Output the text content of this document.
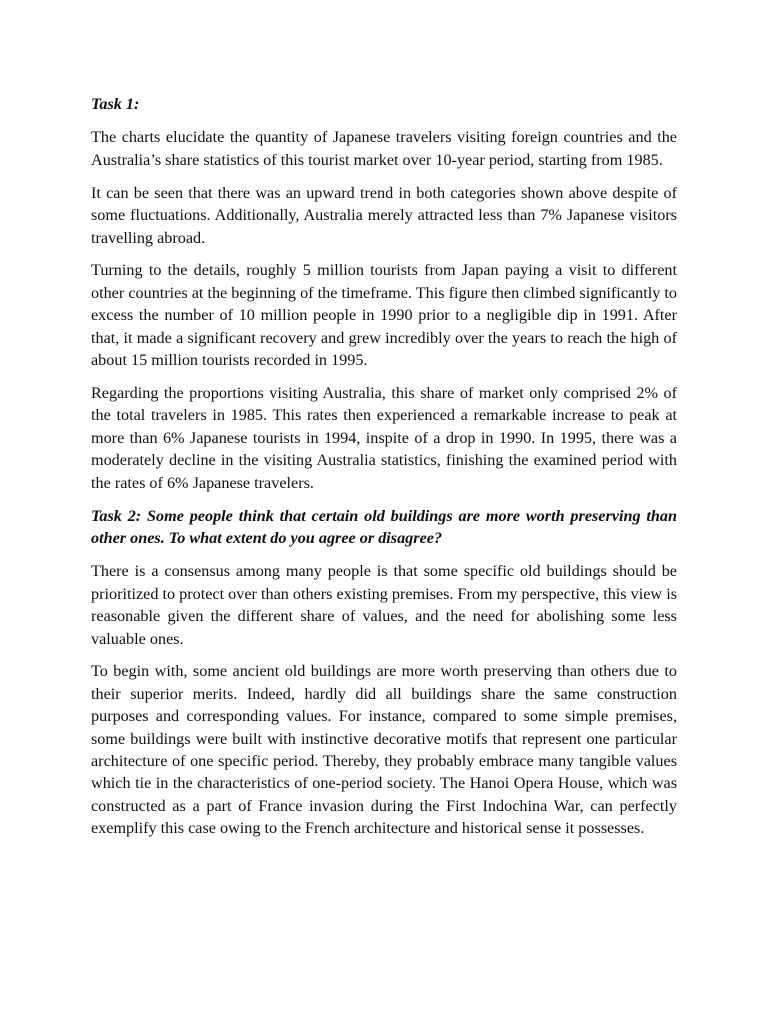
Task 1:

The charts elucidate the quantity of Japanese travelers visiting foreign countries and the Australia’s share statistics of this tourist market over 10-year period, starting from 1985.

It can be seen that there was an upward trend in both categories shown above despite of some fluctuations. Additionally, Australia merely attracted less than 7% Japanese visitors travelling abroad.

Turning to the details, roughly 5 million tourists from Japan paying a visit to different other countries at the beginning of the timeframe. This figure then climbed significantly to excess the number of 10 million people in 1990 prior to a negligible dip in 1991. After that, it made a significant recovery and grew incredibly over the years to reach the high of about 15 million tourists recorded in 1995.

Regarding the proportions visiting Australia, this share of market only comprised 2% of the total travelers in 1985. This rates then experienced a remarkable increase to peak at more than 6% Japanese tourists in 1994, inspite of a drop in 1990. In 1995, there was a moderately decline in the visiting Australia statistics, finishing the examined period with the rates of 6% Japanese travelers.

Task 2: Some people think that certain old buildings are more worth preserving than other ones. To what extent do you agree or disagree?

There is a consensus among many people is that some specific old buildings should be prioritized to protect over than others existing premises. From my perspective, this view is reasonable given the different share of values, and the need for abolishing some less valuable ones.

To begin with, some ancient old buildings are more worth preserving than others due to their superior merits. Indeed, hardly did all buildings share the same construction purposes and corresponding values. For instance, compared to some simple premises, some buildings were built with instinctive decorative motifs that represent one particular architecture of one specific period. Thereby, they probably embrace many tangible values which tie in the characteristics of one-period society. The Hanoi Opera House, which was constructed as a part of France invasion during the First Indochina War, can perfectly exemplify this case owing to the French architecture and historical sense it possesses.
